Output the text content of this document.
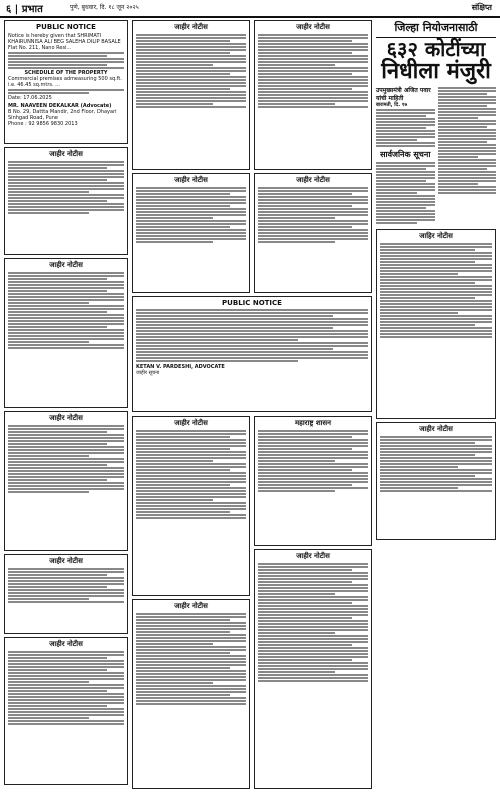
६ | प्रभात	पुणे, बुधवार, दि. १८ जून २०२५	संक्षिप्त
PUBLIC NOTICE
Notice is hereby given that SHRIMATI KHAIRUNNISA ALI BEG SALEHA DILIP BASALE Flat No. 211, Nano Resi...
SCHEDULE OF THE PROPERTY
Commercial premises admeasuring 500 sq.ft. i.e. 46.45 sq.mtrs. ...
Date: 17.06.2025
MR. NAAVEEN DEKALKAR (Advocate)
B No. 29, Dattta Mandir, 2nd Floor, Dhayari Sinhgad Road, Pune
Phone : 92 9856 9830 2013
जाहीर नोटीस
जाहीर नोटीस
जाहीर नोटीस
जाहीर नोटीस
जाहीर नोटीस
जाहीर नोटीस
जाहीर नोटीस
जाहीर नोटीस
जाहीर नोटीस
PUBLIC NOTICE
KETAN V. PARDESHI, ADVOCATE
जाहीर सूचना
जाहीर नोटीस
जाहीर नोटीस
महाराष्ट्र शासन
जाहीर नोटीस
जिल्हा नियोजनासाठी
६३२ कोटींच्या
निधीला मंजुरी
उपमुख्यमंत्री अजित पवार यांची माहिती
बारामती, दि. १७
सार्वजनिक सूचना
जाहिर नोटीस
जाहीर नोटीस
